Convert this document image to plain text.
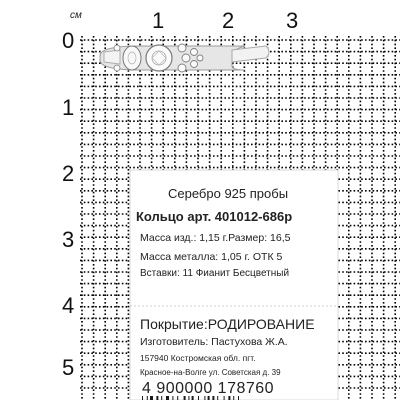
см	1	2 3
0
1
2
3
4
5
Серебро 925 пробы
Кольцо арт. 401012-686р
Масса изд.: 1,15 г.Размер: 16,5
Масса металла: 1,05 г. ОТК 5
Вставки: 11 Фианит Бесцветный
Покрытие:РОДИРОВАНИЕ
Изготовитель: Пастухова Ж.А.
157940 Костромская обл. пгт.
Красное-на-Волге ул. Советская д. 39
4 900000 178760
